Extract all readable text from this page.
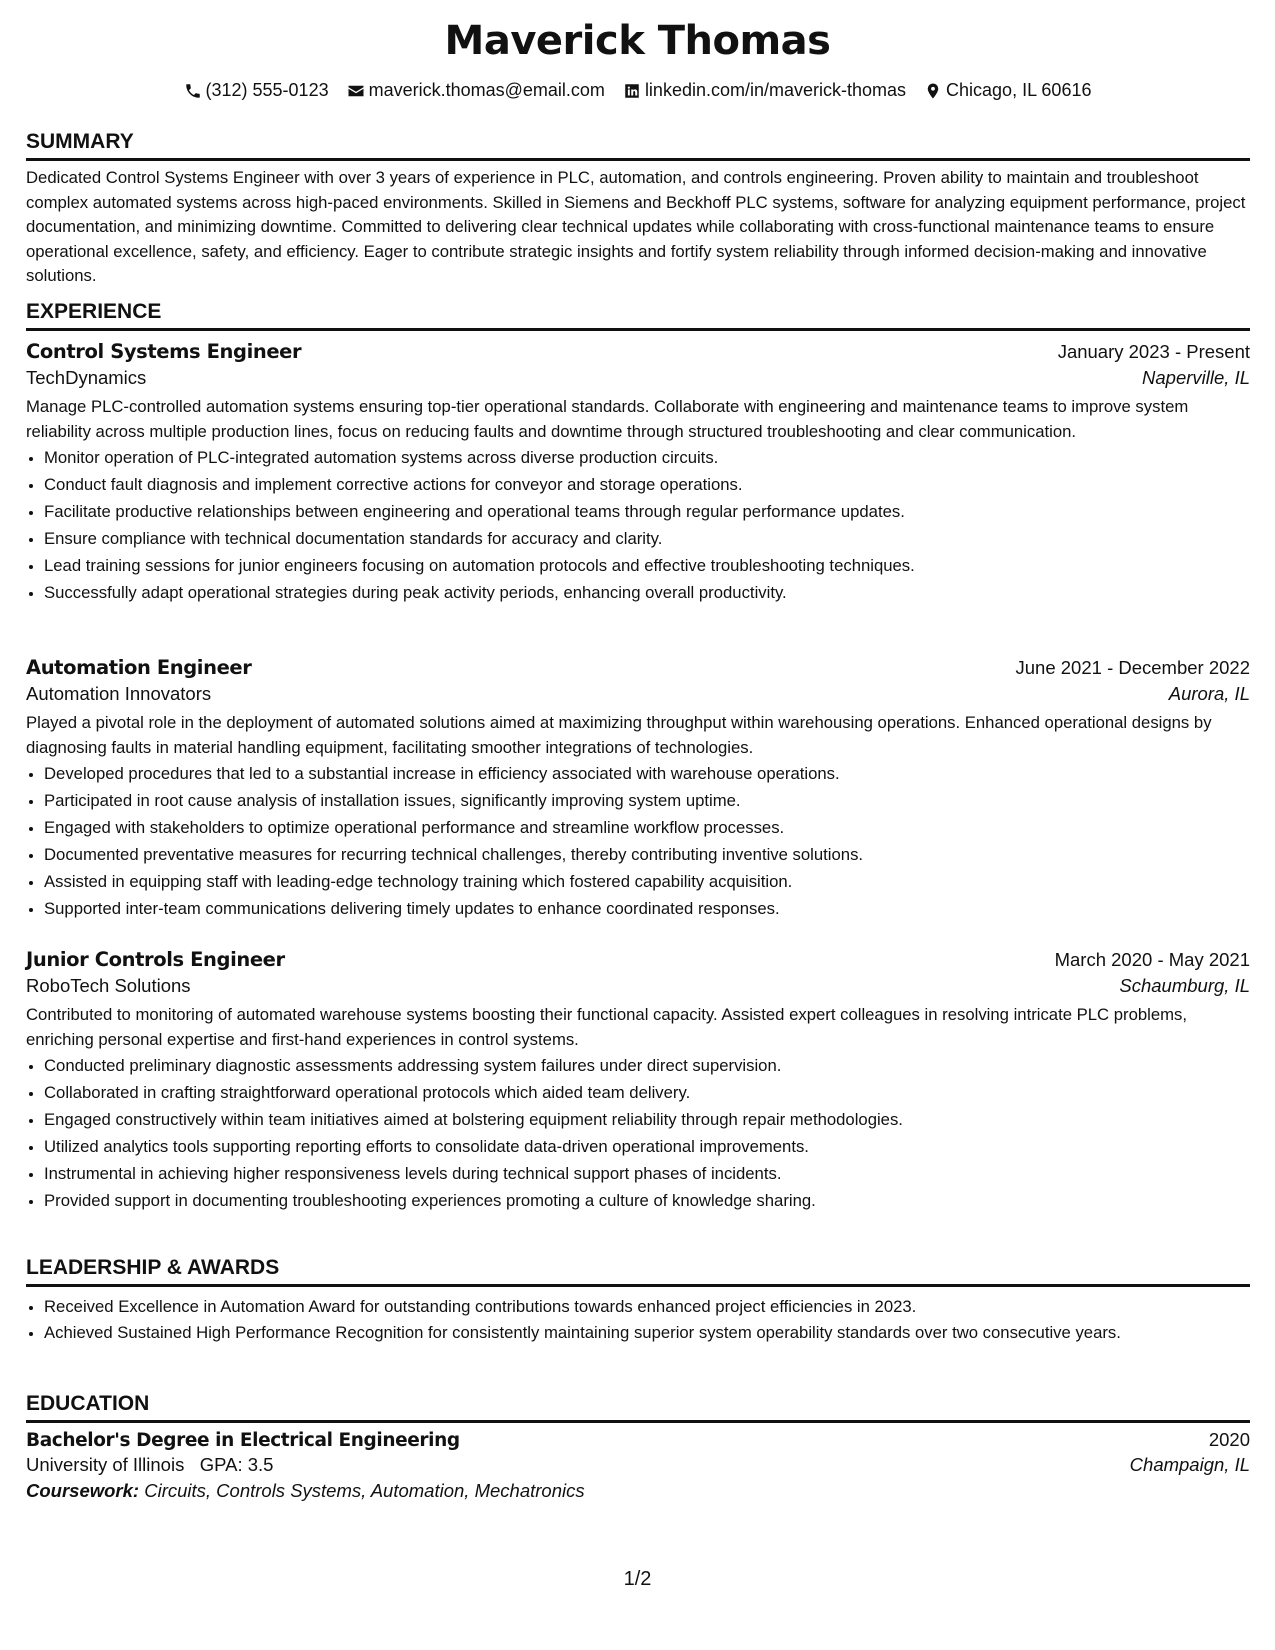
Maverick Thomas
(312) 555-0123 maverick.thomas@email.com linkedin.com/in/maverick-thomas Chicago, IL 60616
SUMMARY

Dedicated Control Systems Engineer with over 3 years of experience in PLC, automation, and controls engineering. Proven ability to maintain and troubleshoot complex automated systems across high-paced environments. Skilled in Siemens and Beckhoff PLC systems, software for analyzing equipment performance, project documentation, and minimizing downtime. Committed to delivering clear technical updates while collaborating with cross-functional maintenance teams to ensure operational excellence, safety, and efficiency. Eager to contribute strategic insights and fortify system reliability through informed decision-making and innovative solutions.

EXPERIENCE
Control Systems Engineer	January 2023 - Present
TechDynamics	Naperville, IL

Manage PLC-controlled automation systems ensuring top-tier operational standards. Collaborate with engineering and maintenance teams to improve system reliability across multiple production lines, focus on reducing faults and downtime through structured troubleshooting and clear communication.

• Monitor operation of PLC-integrated automation systems across diverse production circuits.
• Conduct fault diagnosis and implement corrective actions for conveyor and storage operations.
• Facilitate productive relationships between engineering and operational teams through regular performance updates.
• Ensure compliance with technical documentation standards for accuracy and clarity.
• Lead training sessions for junior engineers focusing on automation protocols and effective troubleshooting techniques.
• Successfully adapt operational strategies during peak activity periods, enhancing overall productivity.
Automation Engineer	June 2021 - December 2022
Automation Innovators	Aurora, IL

Played a pivotal role in the deployment of automated solutions aimed at maximizing throughput within warehousing operations. Enhanced operational designs by diagnosing faults in material handling equipment, facilitating smoother integrations of technologies.

• Developed procedures that led to a substantial increase in efficiency associated with warehouse operations.
• Participated in root cause analysis of installation issues, significantly improving system uptime.
• Engaged with stakeholders to optimize operational performance and streamline workflow processes.
• Documented preventative measures for recurring technical challenges, thereby contributing inventive solutions.
• Assisted in equipping staff with leading-edge technology training which fostered capability acquisition.
• Supported inter-team communications delivering timely updates to enhance coordinated responses.
Junior Controls Engineer	March 2020 - May 2021
RoboTech Solutions	Schaumburg, IL

Contributed to monitoring of automated warehouse systems boosting their functional capacity. Assisted expert colleagues in resolving intricate PLC problems, enriching personal expertise and first-hand experiences in control systems.

• Conducted preliminary diagnostic assessments addressing system failures under direct supervision.
• Collaborated in crafting straightforward operational protocols which aided team delivery.
• Engaged constructively within team initiatives aimed at bolstering equipment reliability through repair methodologies.
• Utilized analytics tools supporting reporting efforts to consolidate data-driven operational improvements.
• Instrumental in achieving higher responsiveness levels during technical support phases of incidents.
• Provided support in documenting troubleshooting experiences promoting a culture of knowledge sharing.
LEADERSHIP & AWARDS
• Received Excellence in Automation Award for outstanding contributions towards enhanced project efficiencies in 2023.
• Achieved Sustained High Performance Recognition for consistently maintaining superior system operability standards over two consecutive years.
EDUCATION
Bachelor's Degree in Electrical Engineering	2020
University of Illinois GPA: 3.5	Champaign, IL
Coursework: Circuits, Controls Systems, Automation, Mechatronics
1/2
